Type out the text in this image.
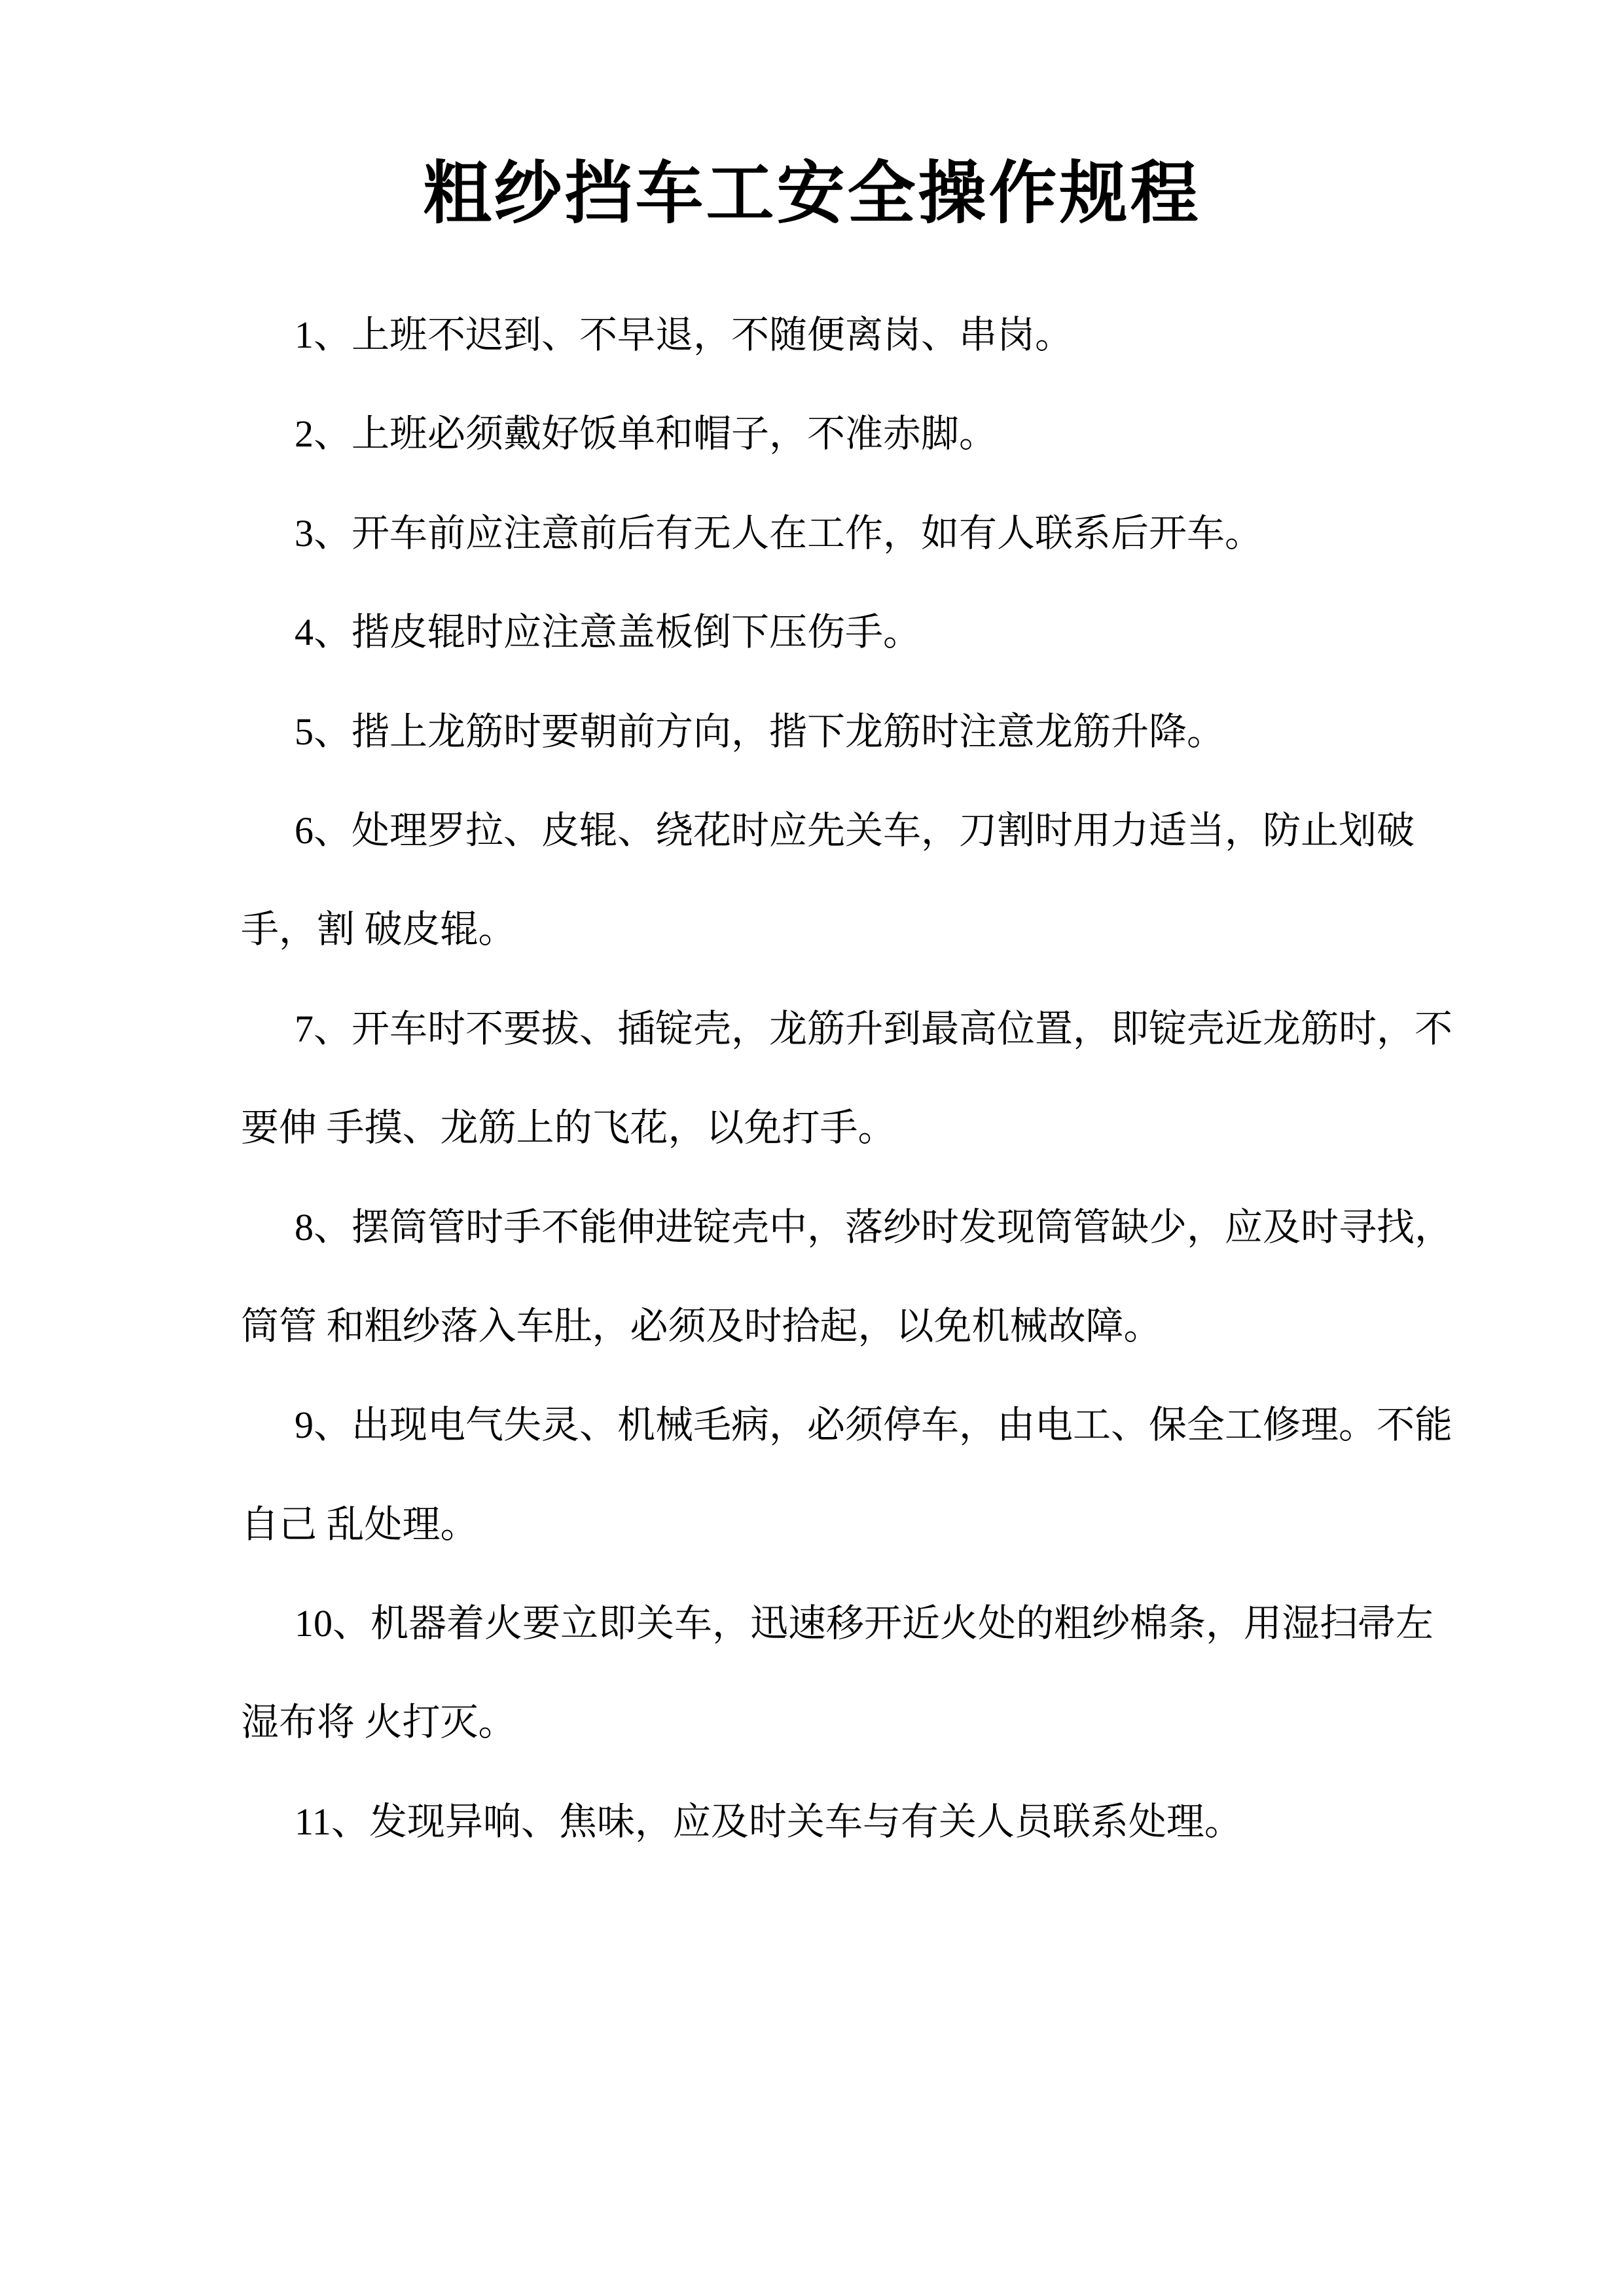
粗纱挡车工安全操作规程
1、上班不迟到、不早退，不随便离岗、串岗。
2、上班必须戴好饭单和帽子，不准赤脚。
3、开车前应注意前后有无人在工作，如有人联系后开车。
4、揩皮辊时应注意盖板倒下压伤手。
5、揩上龙筋时要朝前方向，揩下龙筋时注意龙筋升降。
6、处理罗拉、皮辊、绕花时应先关车，刀割时用力适当，防止划破
手，割 破皮辊。
7、开车时不要拔、插锭壳，龙筋升到最高位置，即锭壳近龙筋时，不
要伸 手摸、龙筋上的飞花，以免打手。
8、摆筒管时手不能伸进锭壳中，落纱时发现筒管缺少，应及时寻找，
筒管 和粗纱落入车肚，必须及时拾起，以免机械故障。
9、出现电气失灵、机械毛病，必须停车，由电工、保全工修理。不能
自己 乱处理。
10、机器着火要立即关车，迅速移开近火处的粗纱棉条，用湿扫帚左
湿布将 火打灭。
11、发现异响、焦味，应及时关车与有关人员联系处理。
